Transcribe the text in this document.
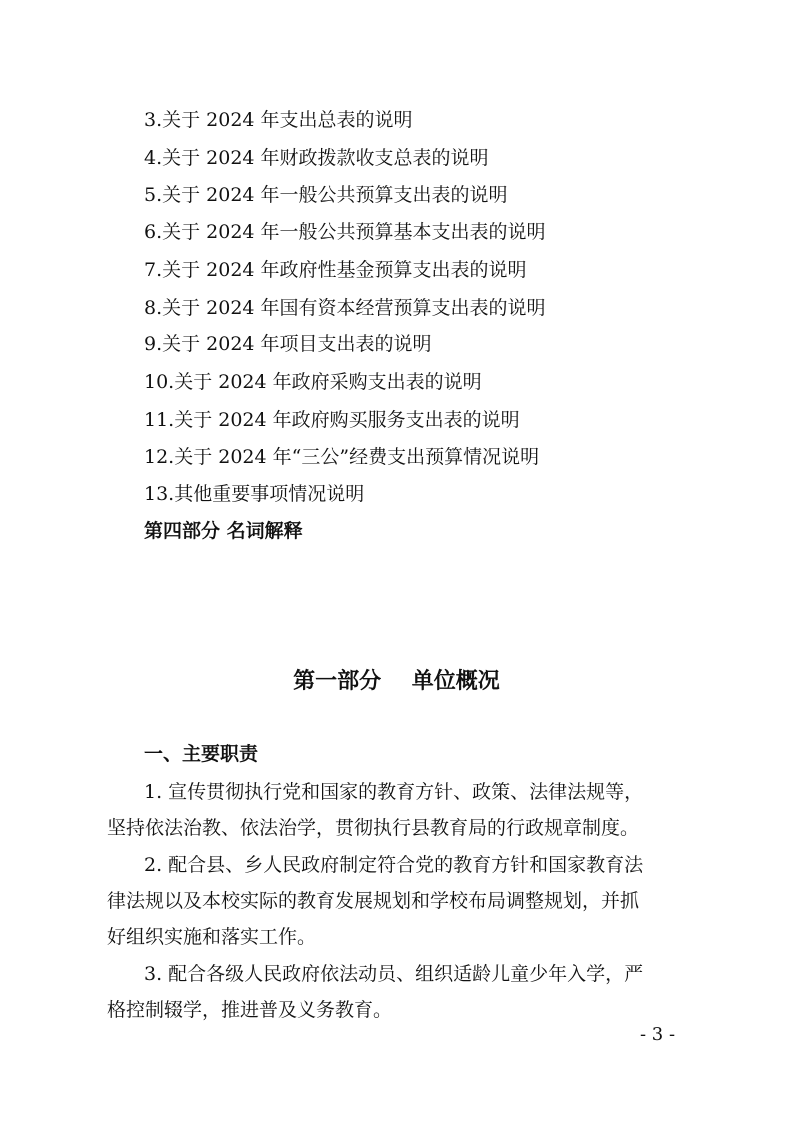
3.关于 2024 年支出总表的说明
4.关于 2024 年财政拨款收支总表的说明
5.关于 2024 年一般公共预算支出表的说明
6.关于 2024 年一般公共预算基本支出表的说明
7.关于 2024 年政府性基金预算支出表的说明
8.关于 2024 年国有资本经营预算支出表的说明
9.关于 2024 年项目支出表的说明
10.关于 2024 年政府采购支出表的说明
11.关于 2024 年政府购买服务支出表的说明
12.关于 2024 年“三公”经费支出预算情况说明
13.其他重要事项情况说明
第四部分 名词解释
第一部分    单位概况
一、主要职责
1. 宣传贯彻执行党和国家的教育方针、政策、法律法规等，
坚持依法治教、依法治学，贯彻执行县教育局的行政规章制度。
2. 配合县、乡人民政府制定符合党的教育方针和国家教育法
律法规以及本校实际的教育发展规划和学校布局调整规划，并抓
好组织实施和落实工作。
3. 配合各级人民政府依法动员、组织适龄儿童少年入学，严
格控制辍学，推进普及义务教育。
- 3 -
